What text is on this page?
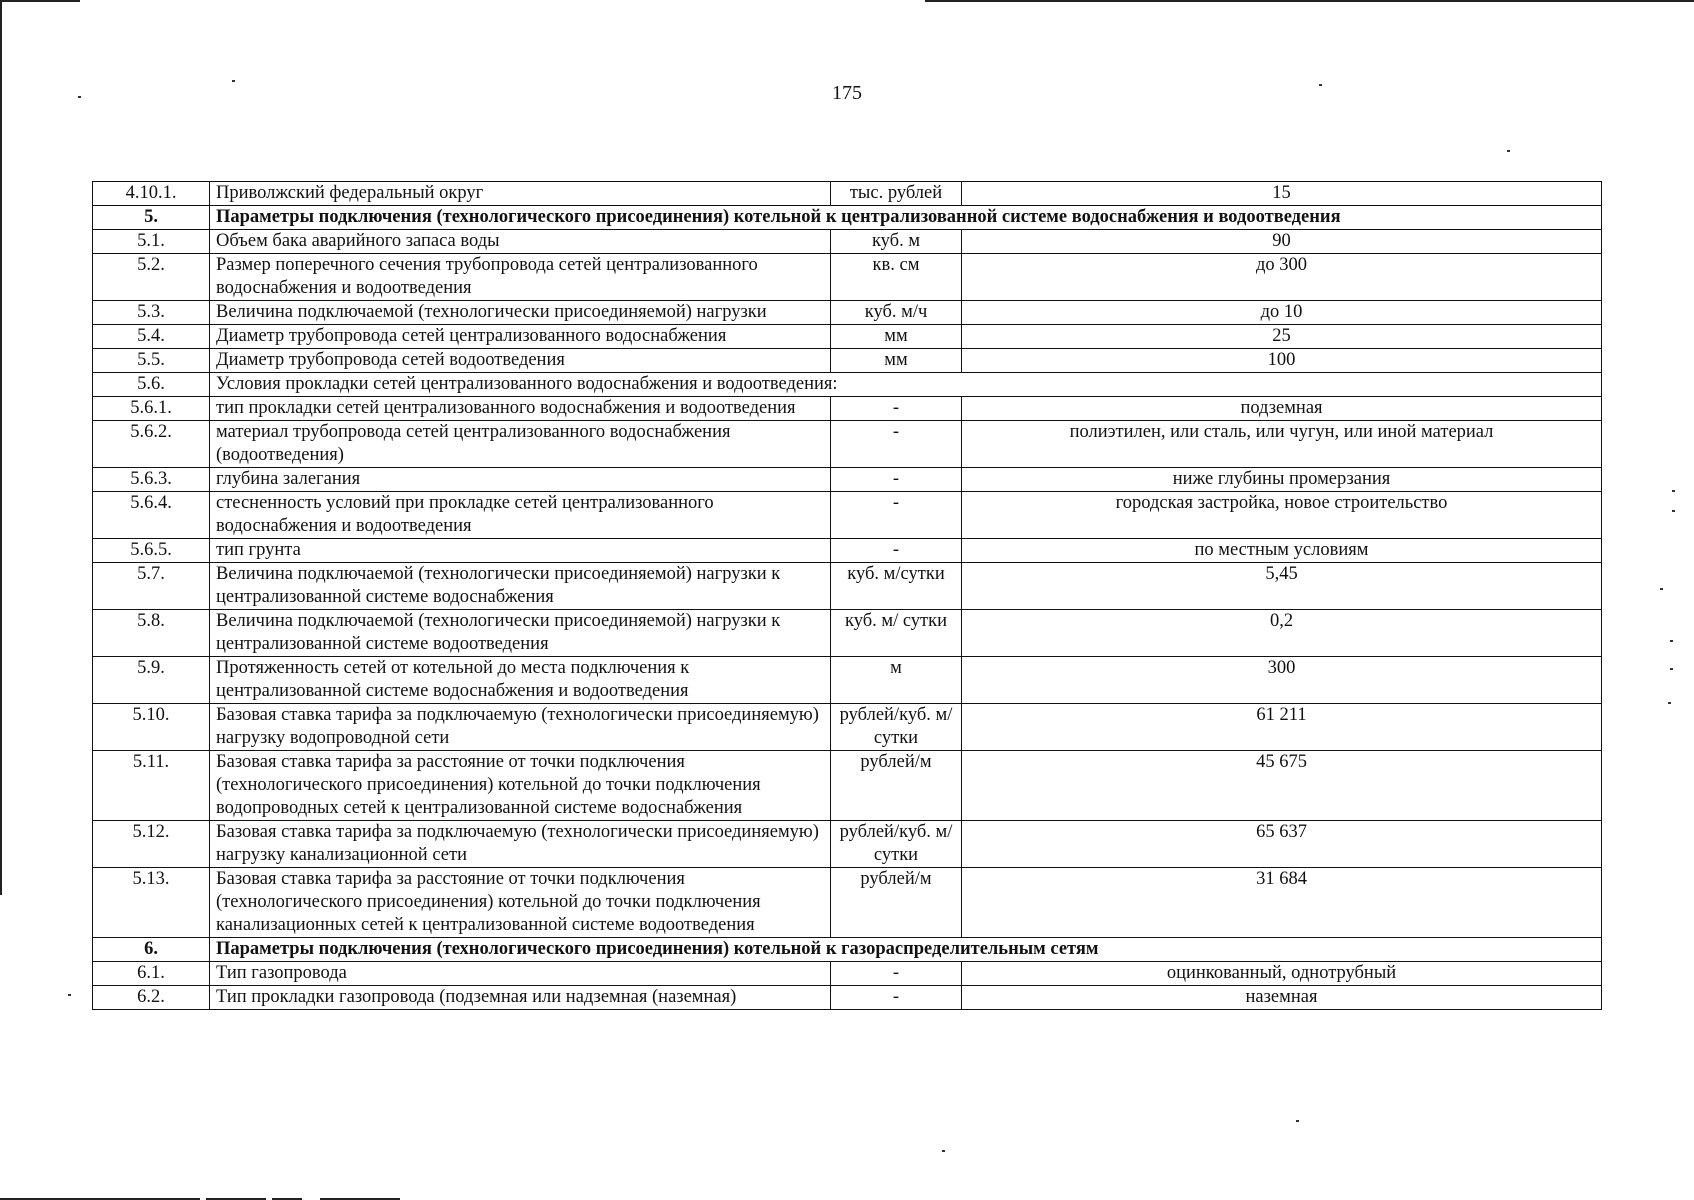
175
4.10.1.	Приволжский федеральный округ	тыс. рублей	15
5.	Параметры подключения (технологического присоединения) котельной к централизованной системе водоснабжения и водоотведения		
5.1.	Объем бака аварийного запаса воды	куб. м	90
5.2.	Размер поперечного сечения трубопровода сетей централизованного водоснабжения и водоотведения	кв. см	до 300
5.3.	Величина подключаемой (технологически присоединяемой) нагрузки	куб. м/ч	до 10
5.4.	Диаметр трубопровода сетей централизованного водоснабжения	мм	25
5.5.	Диаметр трубопровода сетей водоотведения	мм	100
5.6.	Условия прокладки сетей централизованного водоснабжения и водоотведения:		
5.6.1.	тип прокладки сетей централизованного водоснабжения и водоотведения	-	подземная
5.6.2.	материал трубопровода сетей централизованного водоснабжения (водоотведения)	-	полиэтилен, или сталь, или чугун, или иной материал
5.6.3.	глубина залегания	-	ниже глубины промерзания
5.6.4.	стесненность условий при прокладке сетей централизованного водоснабжения и водоотведения	-	городская застройка, новое строительство
5.6.5.	тип грунта	-	по местным условиям
5.7.	Величина подключаемой (технологически присоединяемой) нагрузки к централизованной системе водоснабжения	куб. м/сутки	5,45
5.8.	Величина подключаемой (технологически присоединяемой) нагрузки к централизованной системе водоотведения	куб. м/ сутки	0,2
5.9.	Протяженность сетей от котельной до места подключения к централизованной системе водоснабжения и водоотведения	м	300
5.10.	Базовая ставка тарифа за подключаемую (технологически присоединяемую) нагрузку водопроводной сети	рублей/куб. м/сутки	61 211
5.11.	Базовая ставка тарифа за расстояние от точки подключения (технологического присоединения) котельной до точки подключения водопроводных сетей к централизованной системе водоснабжения	рублей/м	45 675
5.12.	Базовая ставка тарифа за подключаемую (технологически присоединяемую) нагрузку канализационной сети	рублей/куб. м/сутки	65 637
5.13.	Базовая ставка тарифа за расстояние от точки подключения (технологического присоединения) котельной до точки подключения канализационных сетей к централизованной системе водоотведения	рублей/м	31 684
6.	Параметры подключения (технологического присоединения) котельной к газораспределительным сетям		
6.1.	Тип газопровода	-	оцинкованный, однотрубный
6.2.	Тип прокладки газопровода (подземная или надземная (наземная)	-	наземная
